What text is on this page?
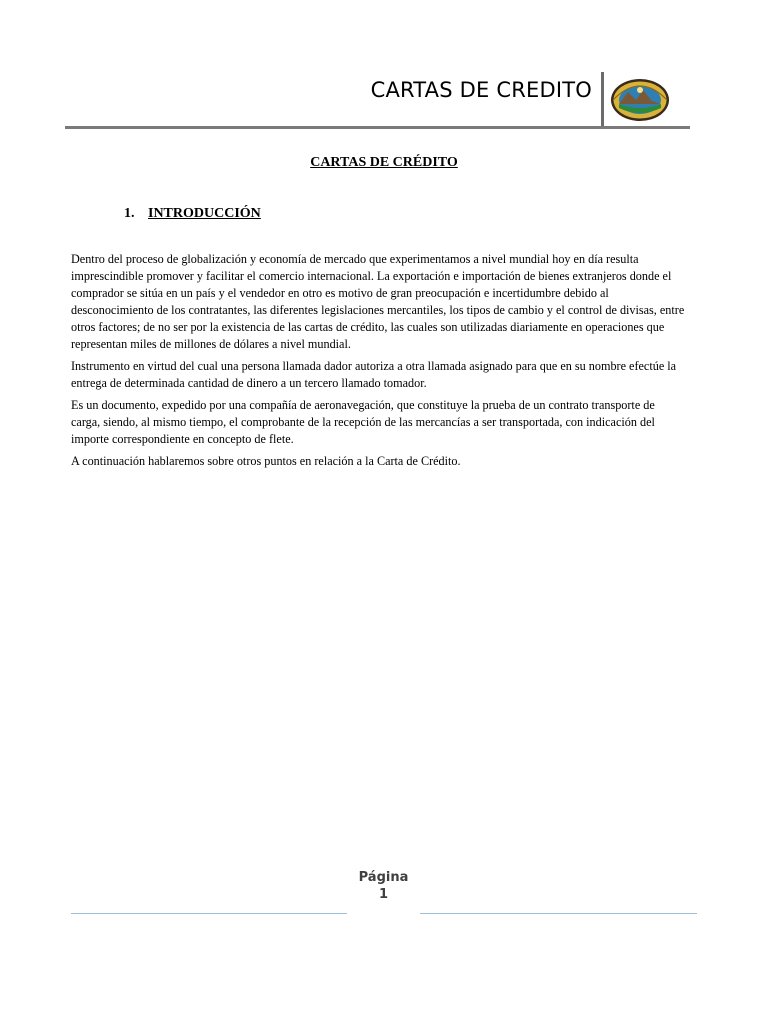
CARTAS DE CREDITO
CARTAS DE CRÉDITO
1. INTRODUCCIÓN

Dentro del proceso de globalización y economía de mercado que experimentamos a nivel mundial hoy en día resulta imprescindible promover y facilitar el comercio internacional. La exportación e importación de bienes extranjeros donde el comprador se sitúa en un país y el vendedor en otro es motivo de gran preocupación e incertidumbre debido al desconocimiento de los contratantes, las diferentes legislaciones mercantiles, los tipos de cambio y el control de divisas, entre otros factores; de no ser por la existencia de las cartas de crédito, las cuales son utilizadas diariamente en operaciones que representan miles de millones de dólares a nivel mundial.

Instrumento en virtud del cual una persona llamada dador autoriza a otra llamada asignado para que en su nombre efectúe la entrega de determinada cantidad de dinero a un tercero llamado tomador.

Es un documento, expedido por una compañía de aeronavegación, que constituye la prueba de un contrato transporte de carga, siendo, al mismo tiempo, el comprobante de la recepción de las mercancías a ser transportada, con indicación del importe correspondiente en concepto de flete.

A continuación hablaremos sobre otros puntos en relación a la Carta de Crédito.

Página
1
